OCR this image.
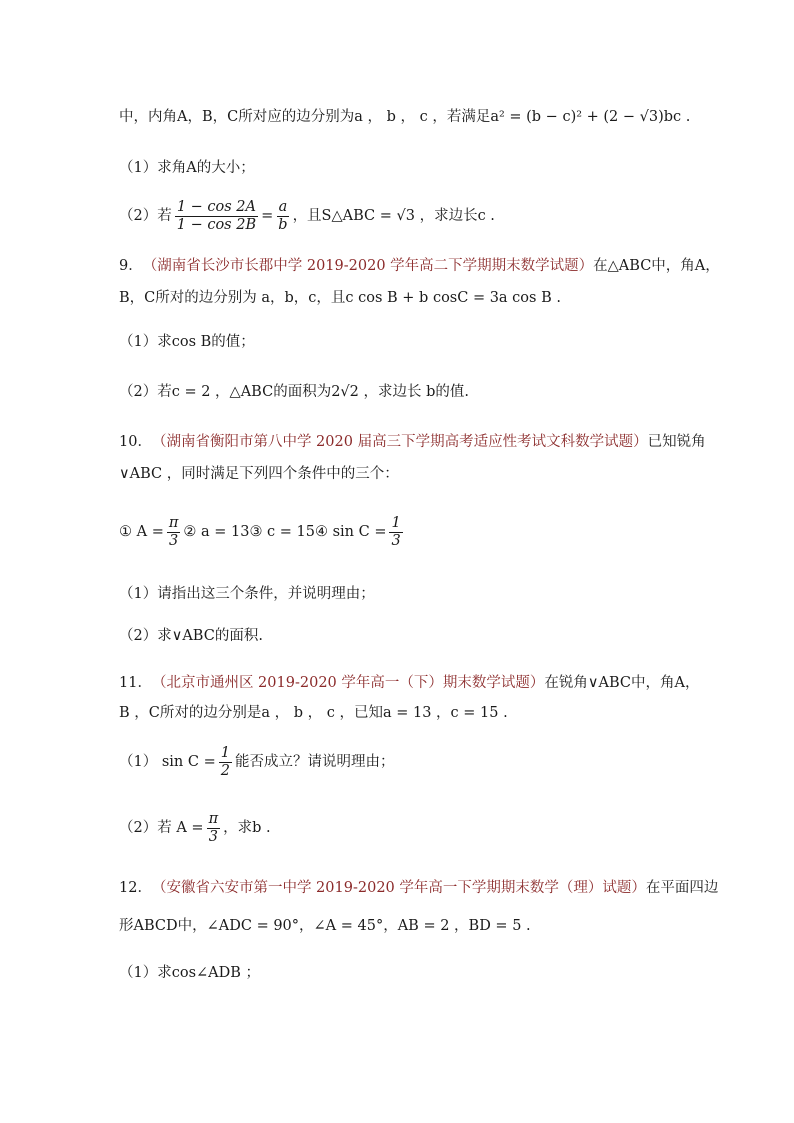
中，内角A，B，C所对应的边分别为a ， b ， c ，若满足a² = (b − c)² + (2 − √3)bc .
（1）求角A的大小；
（2）若 $\frac{1 - \cos 2A}{1 - \cos 2B} = \frac{a}{b}$ ，且S△ABC = √3 ，求边长c .
9． （湖南省长沙市长郡中学 2019-2020 学年高二下学期期末数学试题） 在△ABC中，角A，
B，C所对的边分别为 a，b，c，且c cos B + b cosC = 3a cos B .
（1）求cos B的值；
（2）若c = 2 ，△ABC的面积为2√2 ，求边长 b的值.
10． （湖南省衡阳市第八中学 2020 届高三下学期高考适应性考试文科数学试题） 已知锐角
∨ABC ，同时满足下列四个条件中的三个：
① $A = \frac{\pi}{3}$ ② a = 13③ c = 15④ $\sin C = \frac{1}{3}$
（1）请指出这三个条件，并说明理由；
（2）求∨ABC的面积.
11． （北京市通州区 2019-2020 学年高一（下）期末数学试题） 在锐角∨ABC中，角A，
B ，C所对的边分别是a ， b ， c ，已知a = 13 ，c = 15 .
（1） $\sin C = \frac{1}{2}$ 能否成立？请说明理由；
（2）若 $A = \frac{\pi}{3}$ ，求b .
12． （安徽省六安市第一中学 2019-2020 学年高一下学期期末数学（理）试题） 在平面四边
形ABCD中，∠ADC = 90°，∠A = 45°，AB = 2 ，BD = 5 .
（1）求cos∠ADB ；
